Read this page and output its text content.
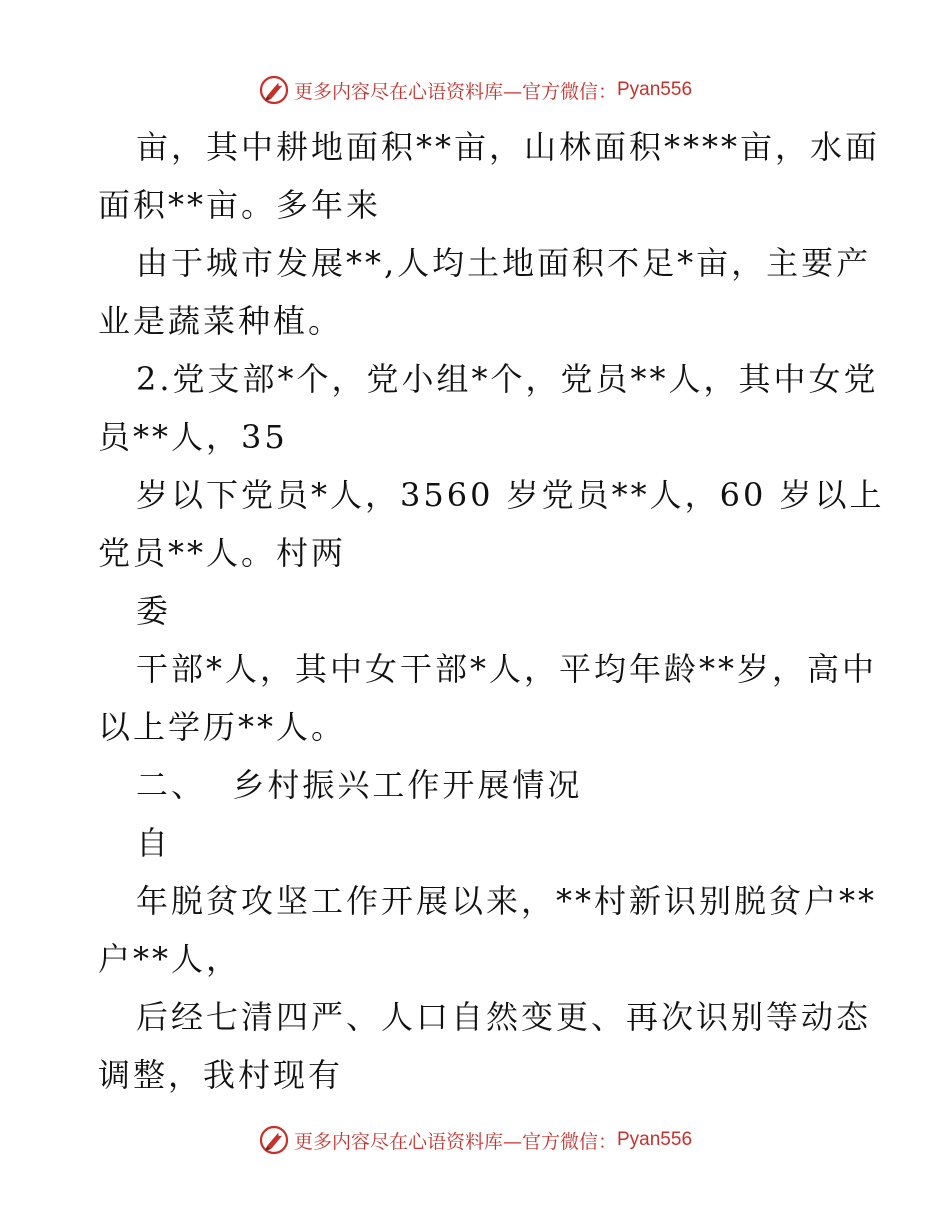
更多内容尽在心语资料库—官方微信： Pyan556
亩，其中耕地面积**亩，山林面积****亩，水面
面积**亩。多年来
由于城市发展**,人均土地面积不足*亩，主要产
业是蔬菜种植。
2.党支部*个，党小组*个，党员**人，其中女党
员**人，35
岁以下党员*人，3560 岁党员**人，60 岁以上
党员**人。村两
委
干部*人，其中女干部*人，平均年龄**岁，高中
以上学历**人。
二、  乡村振兴工作开展情况
自
年脱贫攻坚工作开展以来，**村新识别脱贫户**
户**人，
后经七清四严、人口自然变更、再次识别等动态
调整，我村现有
更多内容尽在心语资料库—官方微信： Pyan556
